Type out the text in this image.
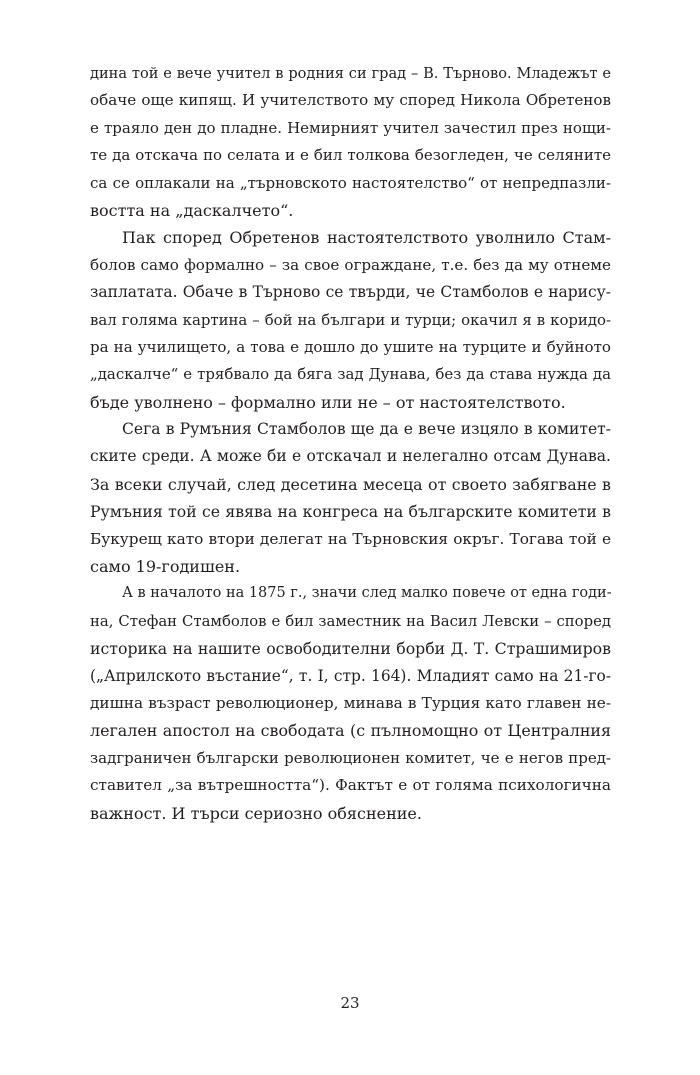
дина той е вече учител в родния си град – В. Търново. Младежът е
обаче още кипящ. И учителството му според Никола Обретенов
е траяло ден до пладне. Немирният учител зачестил през нощи-
те да отскача по селата и е бил толкова безогледен, че селяните
са се оплакали на „търновското настоятелство“ от непредпазли-
востта на „даскалчето“.
Пак според Обретенов настоятелството уволнило Стам-
болов само формално – за свое ограждане, т.е. без да му отнеме
заплатата. Обаче в Търново се твърди, че Стамболов е нарису-
вал голяма картина – бой на българи и турци; окачил я в коридо-
ра на училището, а това е дошло до ушите на турците и буйното
„даскалче“ е трябвало да бяга зад Дунава, без да става нужда да
бъде уволнено – формално или не – от настоятелството.
Сега в Румъния Стамболов ще да е вече изцяло в комитет-
ските среди. А може би е отскачал и нелегално отсам Дунава.
За всеки случай, след десетина месеца от своето забягване в
Румъния той се явява на конгреса на българските комитети в
Букурещ като втори делегат на Търновския окръг. Тогава той е
само 19-годишен.
А в началото на 1875 г., значи след малко повече от една годи-
на, Стефан Стамболов е бил заместник на Васил Левски – според
историка на нашите освободителни борби Д. Т. Страшимиров
(„Априлското въстание“, т. I, стр. 164). Младият само на 21-го-
дишна възраст революционер, минава в Турция като главен не-
легален апостол на свободата (с пълномощно от Централния
задграничен български революционен комитет, че е негов пред-
ставител „за вътрешността“). Фактът е от голяма психологична
важност. И търси сериозно обяснение.
23
